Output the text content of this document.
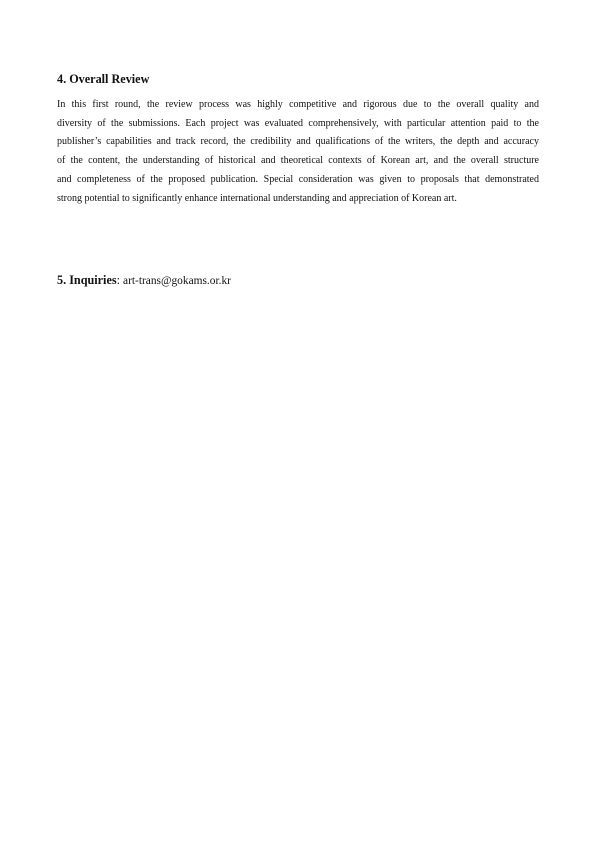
4. Overall Review

In this first round, the review process was highly competitive and rigorous due to the overall quality and
diversity of the submissions. Each project was evaluated comprehensively, with particular attention paid to the
publisher’s capabilities and track record, the credibility and qualifications of the writers, the depth and accuracy
of the content, the understanding of historical and theoretical contexts of Korean art, and the overall structure
and completeness of the proposed publication. Special consideration was given to proposals that demonstrated
strong potential to significantly enhance international understanding and appreciation of Korean art.

5. Inquiries: art-trans@gokams.or.kr
